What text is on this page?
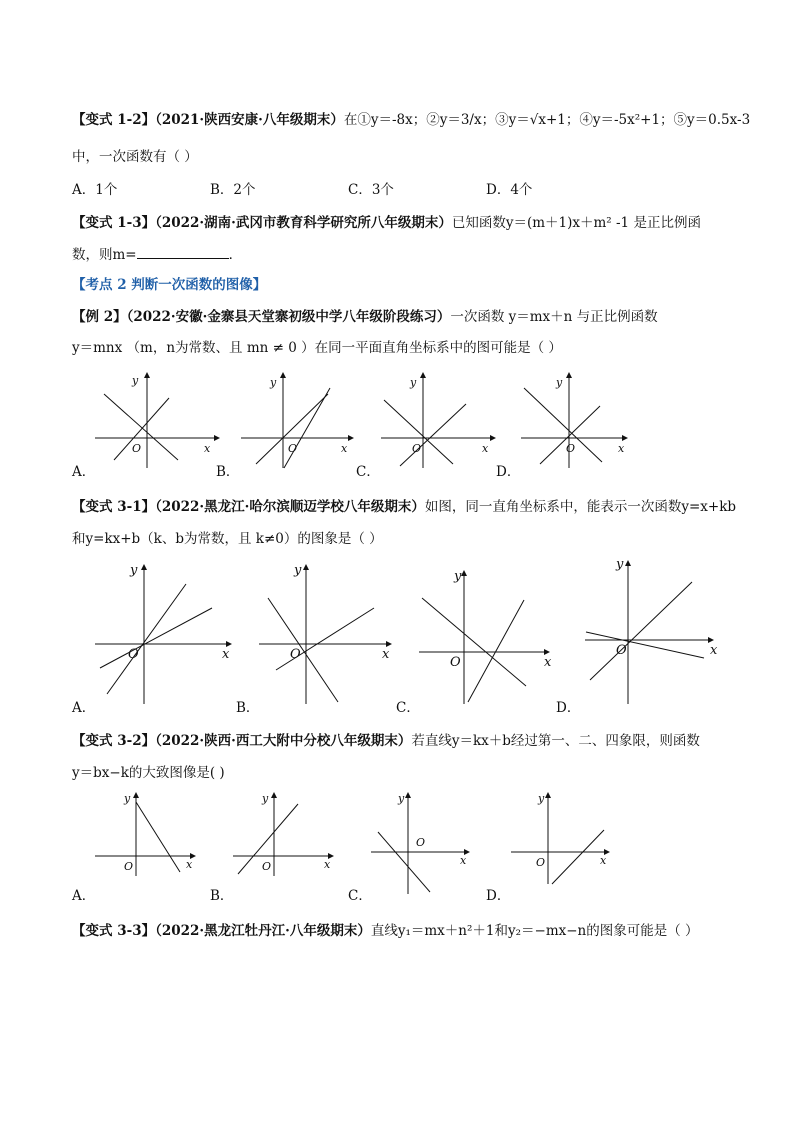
【变式 1-2】（2021·陕西安康·八年级期末）在①y＝-8x；②y＝3/x；③y＝√x+1；④y＝-5x²+1；⑤y＝0.5x-3
中，一次函数有（ ）
A．1个	B．2个	C．3个	D．4个
【变式 1-3】（2022·湖南·武冈市教育科学研究所八年级期末）已知函数y＝(m＋1)x＋m² -1 是正比例函
数，则m=	．
【考点 2 判断一次函数的图像】
【例 2】（2022·安徽·金寨县天堂寨初级中学八年级阶段练习）一次函数 y＝mx＋n 与正比例函数
y＝mnx （m，n为常数、且 mn ≠ 0 ）在同一平面直角坐标系中的图可能是（ ）
y
x
O
y
x
O
y
x
O
y
x
O
A．	B．	C．	D．
【变式 3-1】（2022·黑龙江·哈尔滨顺迈学校八年级期末）如图，同一直角坐标系中，能表示一次函数y=x+kb
和y=kx+b（k、b为常数，且 k≠0）的图象是（ ）
y
x
O
y
x
O
y
x
O
y
x
O
A．	B．	C．	D．
【变式 3-2】（2022·陕西·西工大附中分校八年级期末）若直线y＝kx＋b经过第一、二、四象限，则函数
y＝bx−k的大致图像是( )
y
x
O
y
x
O
y
x
O
y
x
O
A．	B．	C．	D．
【变式 3-3】（2022·黑龙江牡丹江·八年级期末）直线y₁＝mx＋n²＋1和y₂＝−mx−n的图象可能是（ ）
